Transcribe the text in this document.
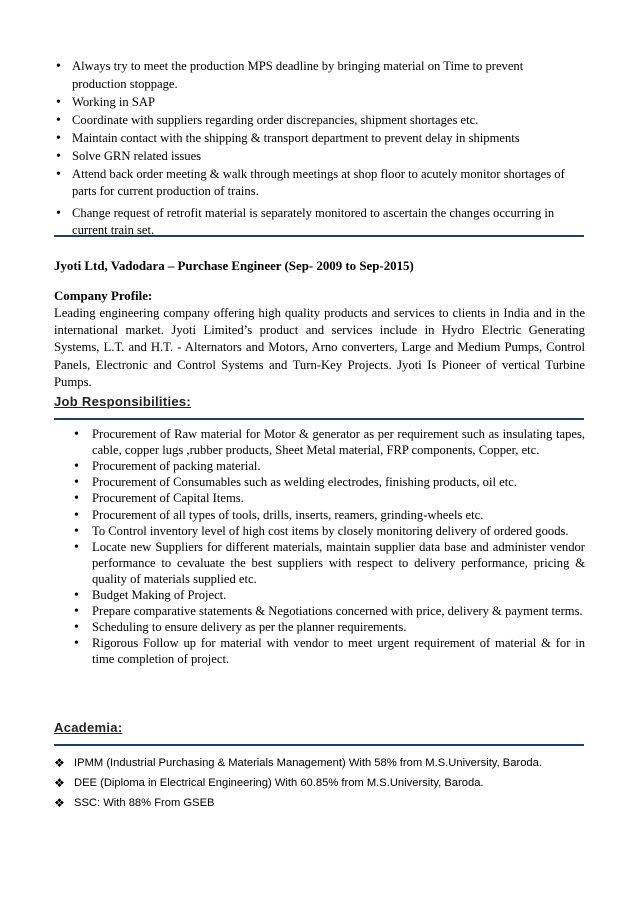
• Always try to meet the production MPS deadline by bringing material on Time to prevent production stoppage.
• Working in SAP
• Coordinate with suppliers regarding order discrepancies, shipment shortages etc.
• Maintain contact with the shipping & transport department to prevent delay in shipments
• Solve GRN related issues
• Attend back order meeting & walk through meetings at shop floor to acutely monitor shortages of parts for current production of trains.
• Change request of retrofit material is separately monitored to ascertain the changes occurring in current train set.
Jyoti Ltd, Vadodara – Purchase Engineer (Sep- 2009 to Sep-2015)
Company Profile:
Leading engineering company offering high quality products and services to clients in India and in the international market. Jyoti Limited’s product and services include in Hydro Electric Generating Systems, L.T. and H.T. - Alternators and Motors, Arno converters, Large and Medium Pumps, Control Panels, Electronic and Control Systems and Turn-Key Projects. Jyoti Is Pioneer of vertical Turbine Pumps.
Job Responsibilities:
• Procurement of Raw material for Motor & generator as per requirement such as insulating tapes, cable, copper lugs ,rubber products, Sheet Metal material, FRP components, Copper, etc.
• Procurement of packing material.
• Procurement of Consumables such as welding electrodes, finishing products, oil etc.
• Procurement of Capital Items.
• Procurement of all types of tools, drills, inserts, reamers, grinding-wheels etc.
• To Control inventory level of high cost items by closely monitoring delivery of ordered goods.
• Locate new Suppliers for different materials, maintain supplier data base and administer vendor performance to cevaluate the best suppliers with respect to delivery performance, pricing & quality of materials supplied etc.
• Budget Making of Project.
• Prepare comparative statements & Negotiations concerned with price, delivery & payment terms.
• Scheduling to ensure delivery as per the planner requirements.
• Rigorous Follow up for material with vendor to meet urgent requirement of material & for in time completion of project.
Academia:
❖ IPMM (Industrial Purchasing & Materials Management) With 58% from M.S.University, Baroda.
❖ DEE (Diploma in Electrical Engineering) With 60.85% from M.S.University, Baroda.
❖ SSC: With 88% From GSEB
